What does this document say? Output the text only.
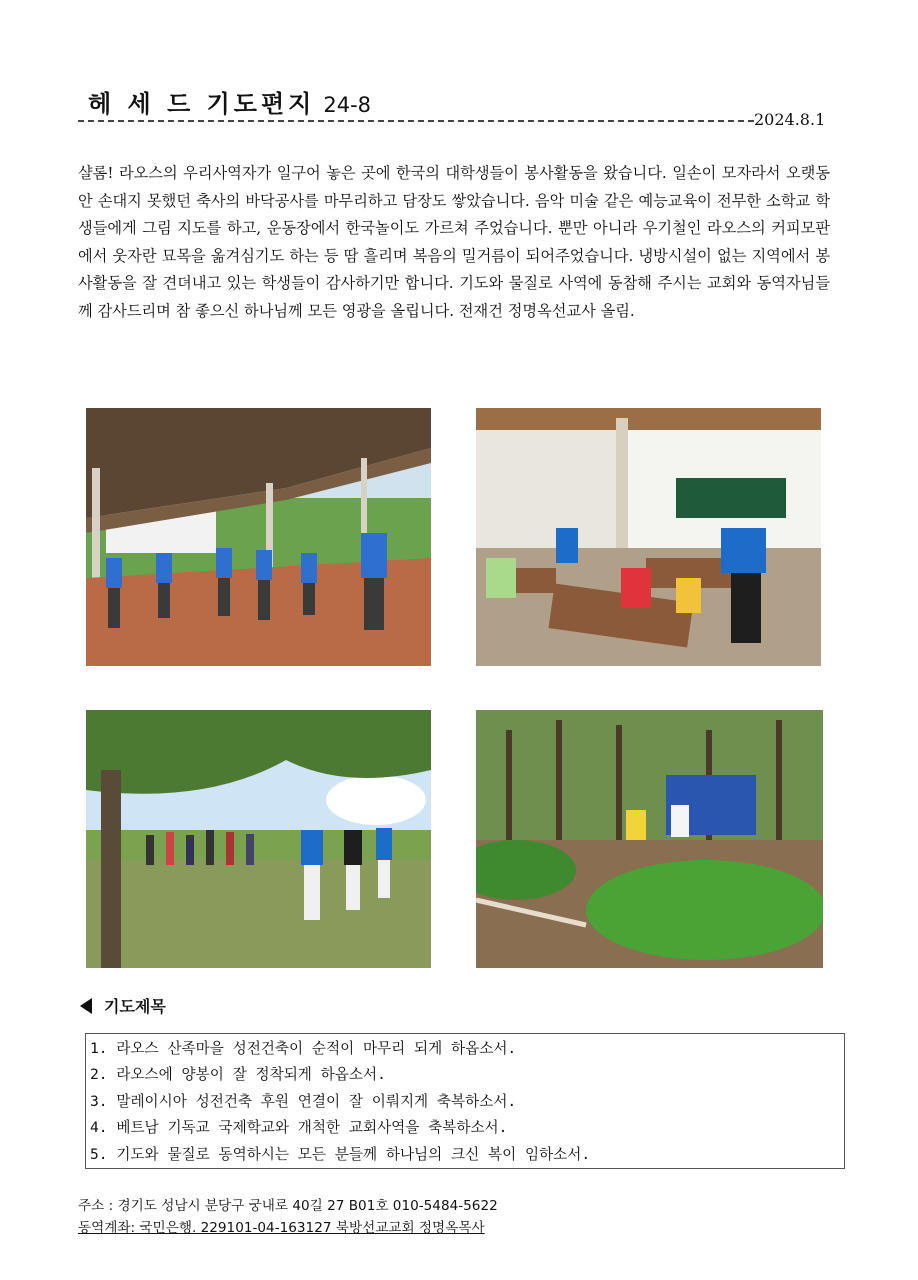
헤 세 드 기도편지 24-8
2024.8.1
샬롬! 라오스의 우리사역자가 일구어 놓은 곳에 한국의 대학생들이 봉사활동을 왔습니다. 일손이 모자라서 오랫동안 손대지 못했던 축사의 바닥공사를 마무리하고 담장도 쌓았습니다. 음악 미술 같은 예능교육이 전무한 소학교 학생들에게 그림 지도를 하고, 운동장에서 한국놀이도 가르쳐 주었습니다. 뿐만 아니라 우기철인 라오스의 커피모판에서 웃자란 묘목을 옮겨심기도 하는 등 땀 흘리며 복음의 밀거름이 되어주었습니다. 냉방시설이 없는 지역에서 봉사활동을 잘 견뎌내고 있는 학생들이 감사하기만 합니다. 기도와 물질로 사역에 동참해 주시는 교회와 동역자님들께 감사드리며 참 좋으신 하나님께 모든 영광을 올립니다. 전재건 정명옥선교사 올림.
기도제목
1. 라오스 산족마을 성전건축이 순적이 마무리 되게 하옵소서.
2. 라오스에 양봉이 잘 정착되게 하옵소서.
3. 말레이시아 성전건축 후원 연결이 잘 이뤄지게 축복하소서.
4. 베트남 기독교 국제학교와 개척한 교회사역을 축복하소서.
5. 기도와 물질로 동역하시는 모든 분들께 하나님의 크신 복이 임하소서.
주소 : 경기도 성남시 분당구 궁내로 40길 27 B01호 010-5484-5622
동역계좌: 국민은행. 229101-04-163127 북방선교교회 정명옥목사
